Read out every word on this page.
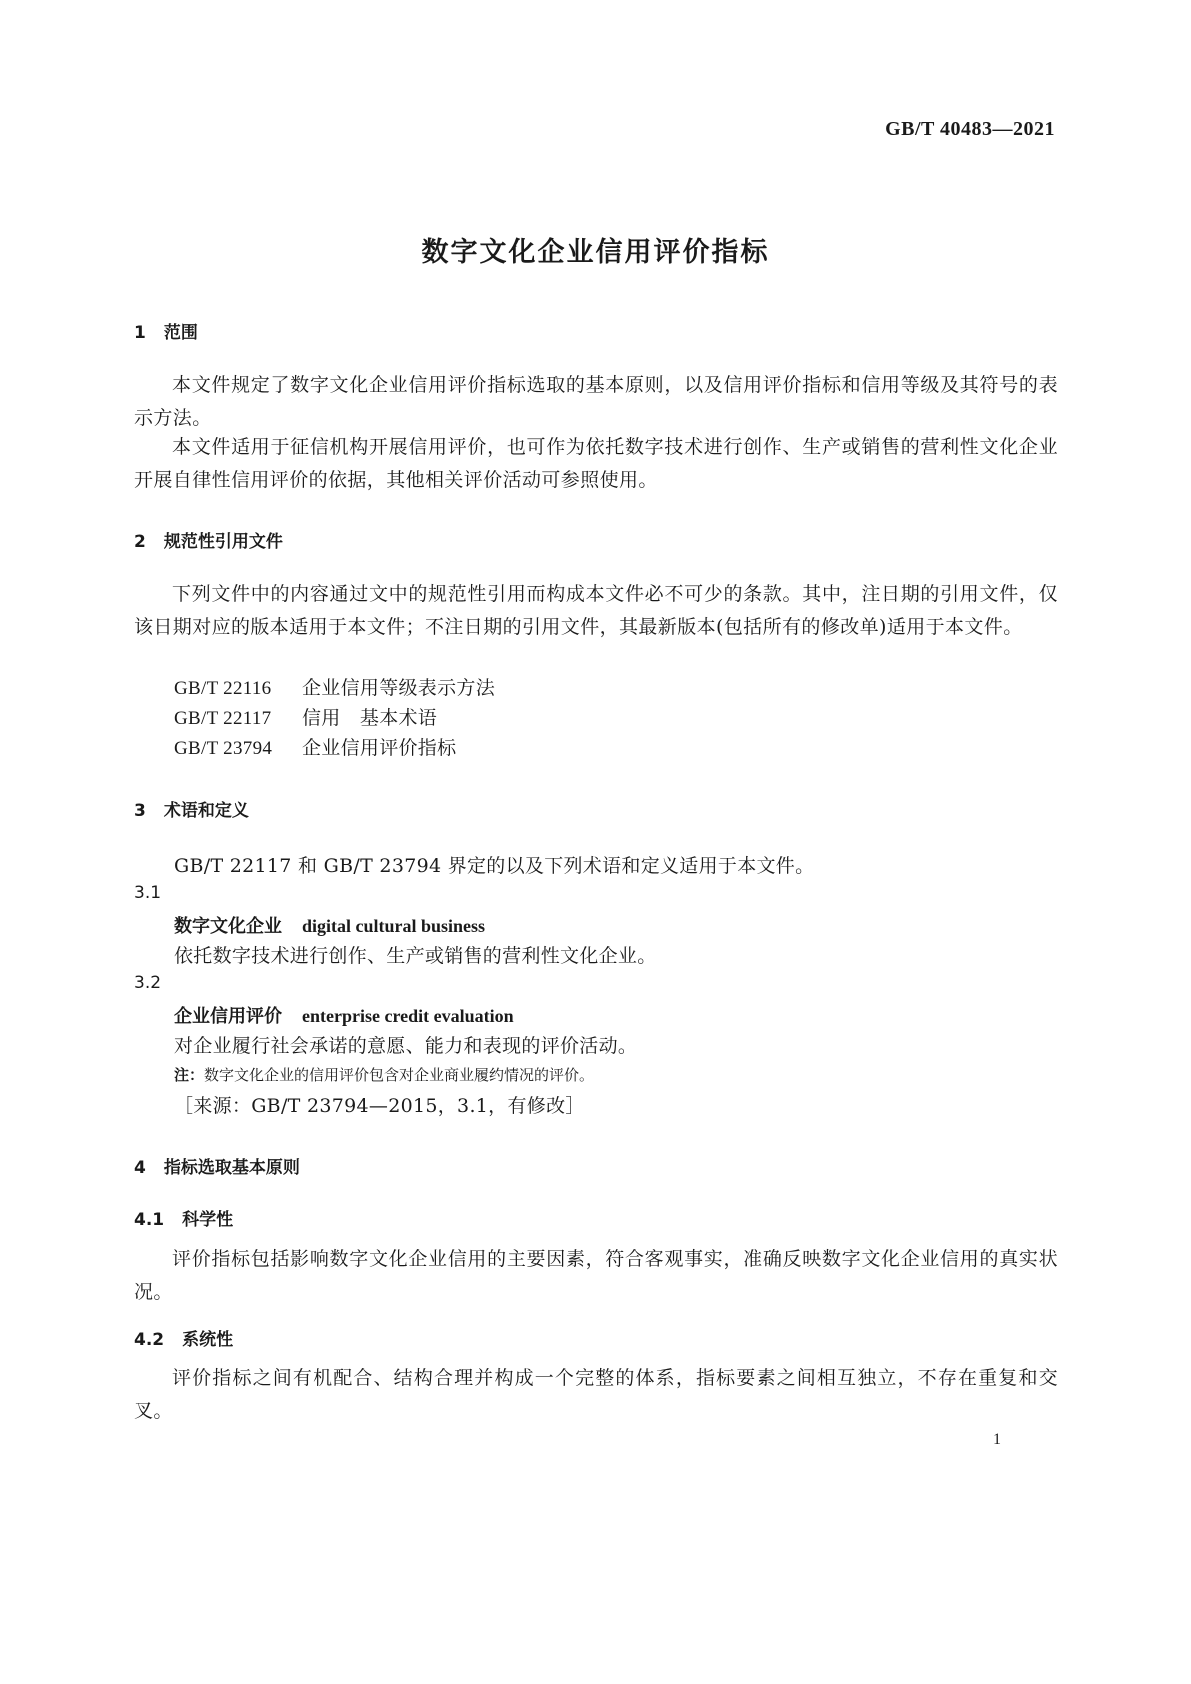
GB/T 40483—2021
数字文化企业信用评价指标
1 范围
本文件规定了数字文化企业信用评价指标选取的基本原则，以及信用评价指标和信用等级及其符号的表示方法。
本文件适用于征信机构开展信用评价，也可作为依托数字技术进行创作、生产或销售的营利性文化企业开展自律性信用评价的依据，其他相关评价活动可参照使用。
2 规范性引用文件
下列文件中的内容通过文中的规范性引用而构成本文件必不可少的条款。其中，注日期的引用文件，仅该日期对应的版本适用于本文件；不注日期的引用文件，其最新版本(包括所有的修改单)适用于本文件。
GB/T 22116 企业信用等级表示方法
GB/T 22117 信用　基本术语
GB/T 23794 企业信用评价指标
3 术语和定义
GB/T 22117 和 GB/T 23794 界定的以及下列术语和定义适用于本文件。
3.1
数字文化企业 digital cultural business
依托数字技术进行创作、生产或销售的营利性文化企业。
3.2
企业信用评价 enterprise credit evaluation
对企业履行社会承诺的意愿、能力和表现的评价活动。
注：数字文化企业的信用评价包含对企业商业履约情况的评价。
［来源：GB/T 23794—2015，3.1，有修改］
4 指标选取基本原则
4.1 科学性
评价指标包括影响数字文化企业信用的主要因素，符合客观事实，准确反映数字文化企业信用的真实状况。
4.2 系统性
评价指标之间有机配合、结构合理并构成一个完整的体系，指标要素之间相互独立，不存在重复和交叉。
1
